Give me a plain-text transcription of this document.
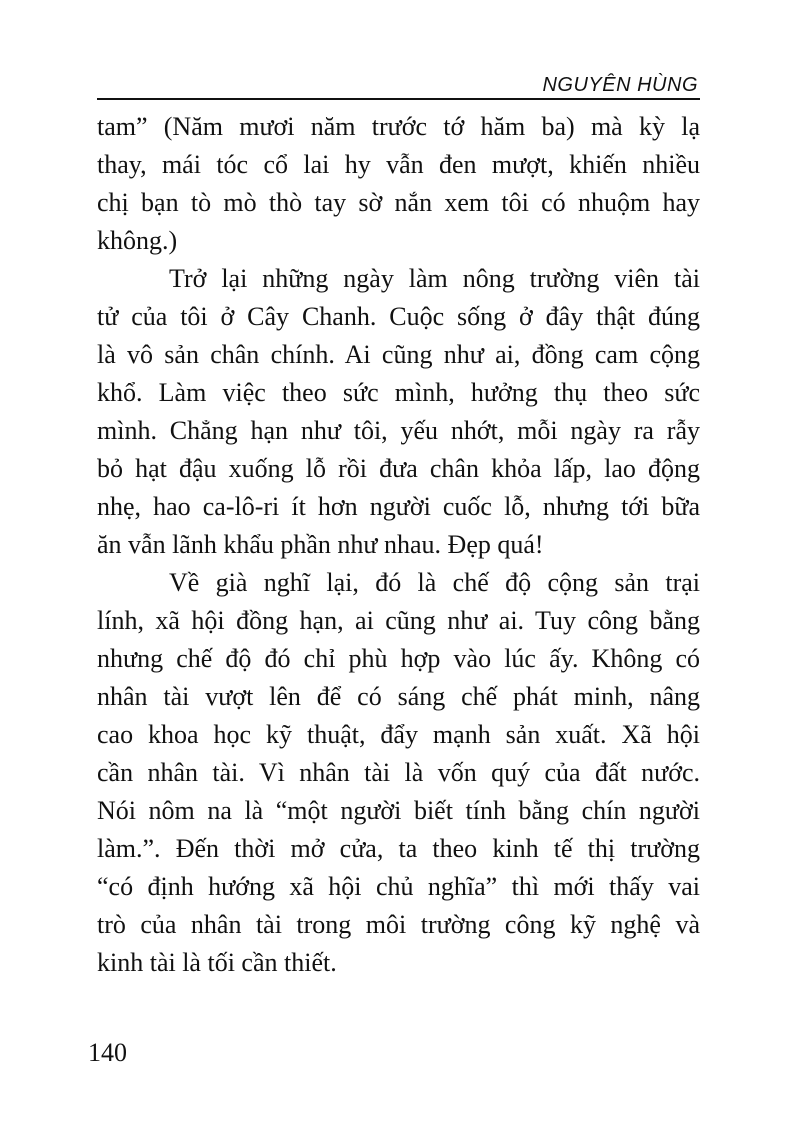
NGUYÊN HÙNG
tam” (Năm mươi năm trước tớ hăm ba) mà kỳ lạ
thay, mái tóc cổ lai hy vẫn đen mượt, khiến nhiều
chị bạn tò mò thò tay sờ nắn xem tôi có nhuộm hay
không.)
Trở lại những ngày làm nông trường viên tài
tử của tôi ở Cây Chanh. Cuộc sống ở đây thật đúng
là vô sản chân chính. Ai cũng như ai, đồng cam cộng
khổ. Làm việc theo sức mình, hưởng thụ theo sức
mình. Chẳng hạn như tôi, yếu nhớt, mỗi ngày ra rẫy
bỏ hạt đậu xuống lỗ rồi đưa chân khỏa lấp, lao động
nhẹ, hao ca-lô-ri ít hơn người cuốc lỗ, nhưng tới bữa
ăn vẫn lãnh khẩu phần như nhau. Đẹp quá!
Về già nghĩ lại, đó là chế độ cộng sản trại
lính, xã hội đồng hạn, ai cũng như ai. Tuy công bằng
nhưng chế độ đó chỉ phù hợp vào lúc ấy. Không có
nhân tài vượt lên để có sáng chế phát minh, nâng
cao khoa học kỹ thuật, đẩy mạnh sản xuất. Xã hội
cần nhân tài. Vì nhân tài là vốn quý của đất nước.
Nói nôm na là “một người biết tính bằng chín người
làm.”. Đến thời mở cửa, ta theo kinh tế thị trường
“có định hướng xã hội chủ nghĩa” thì mới thấy vai
trò của nhân tài trong môi trường công kỹ nghệ và
kinh tài là tối cần thiết.
140
